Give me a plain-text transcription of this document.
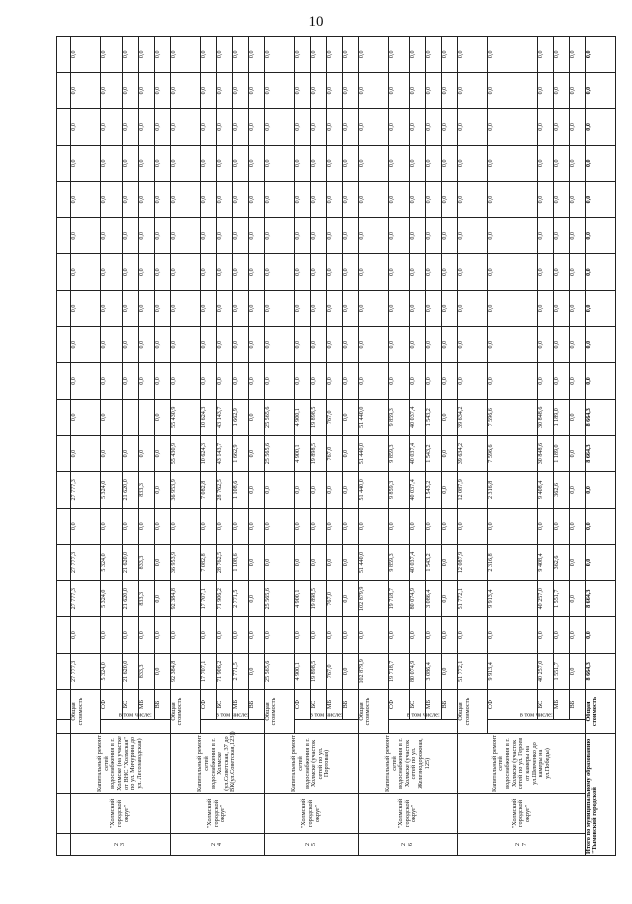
10

2
3	"Холмский городской округ"	Капитальный ремонт сетей водоснабжения в г. Холмске (на участке от ВНС "Холмская" по ул. Мичурина до ул. Лесозаводская)	Общая стоимость		27 777,3	0,0	27 777,3	27 777,3	0,0	27 777,3	0,0	0,0	0,0	0,0	0,0	0,0	0,0	0,0	0,0	0,0	0,0	0,0
			в том числе:	СФ	5 324,0	0,0	5 324,0	5 324,0	0,0	5 324,0	0,0	0,0	0,0	0,0	0,0	0,0	0,0	0,0	0,0	0,0	0,0	0,0
				БС	21 620,0	0,0	21 620,0	21 620,0	0,0	21 620,0	0,0		0,0	0,0	0,0	0,0	0,0	0,0	0,0	0,0	0,0	0,0
				МБ	833,3	0,0	833,3	833,3	0,0	833,3	0,0		0,0	0,0	0,0	0,0	0,0	0,0	0,0	0,0	0,0	0,0
				ВБ	0,0	0,0	0,0	0,0	0,0	0,0	0,0	0,0	0,0	0,0	0,0	0,0	0,0	0,0	0,0	0,0	0,0	0,0
2
4	"Холмский городской округ"	Капитальный ремонт сетей водоснабжения в г. Холмске (ул.Советская, 37 до ВК(ул.Советская,123))	Общая стоимость		92 384,8	0,0	92 384,8	36 953,9	0,0	36 953,9	55 430,9	55 430,9	0,0	0,0	0,0	0,0	0,0	0,0	0,0	0,0	0,0	0,0
			в том числе:	СФ	17 707,1	0,0	17 707,1	7 082,8	0,0	7 082,8	10 624,3	10 624,3	0,0	0,0	0,0	0,0	0,0	0,0	0,0	0,0	0,0	0,0
				БС	71 906,2	0,0	71 906,2	28 762,5	0,0	28 762,5	43 143,7	43 143,7	0,0	0,0	0,0	0,0	0,0	0,0	0,0	0,0	0,0	0,0
				МБ	2 771,5	0,0	2 771,5	1 108,6	0,0	1 108,6	1 662,9	1 662,9	0,0	0,0	0,0	0,0	0,0	0,0	0,0	0,0	0,0	0,0
				ВБ	0,0	0,0	0,0	0,0	0,0	0,0	0,0	0,0	0,0	0,0	0,0	0,0	0,0	0,0	0,0	0,0	0,0	0,0
2
5	"Холмский городской округ"	Капитальный ремонт сетей водоснабжения в г. Холмске (участок сетей по ул. Портовая)	Общая стоимость		25 565,6	0,0	25 565,6	0,0	0,0	0,0	25 565,6	25 565,6	0,0	0,0	0,0	0,0	0,0	0,0	0,0	0,0	0,0	0,0
			в том числе:	СФ	4 900,1	0,0	4 900,1	0,0	0,0	0,0	4 900,1	4 900,1	0,0	0,0	0,0	0,0	0,0	0,0	0,0	0,0	0,0	0,0
				БС	19 898,5	0,0	19 898,5	0,0	0,0	0,0	19 898,5	19 898,5	0,0	0,0	0,0	0,0	0,0	0,0	0,0	0,0	0,0	0,0
				МБ	767,0	0,0	767,0	0,0	0,0	0,0	767,0	767,0	0,0	0,0	0,0	0,0	0,0	0,0	0,0	0,0	0,0	0,0
				ВБ	0,0	0,0	0,0	0,0	0,0	0,0	0,0	0,0	0,0	0,0	0,0	0,0	0,0	0,0	0,0	0,0	0,0	0,0
2
6	"Холмский городской округ"	Капитальный ремонт сетей водоснабжения в г. Холмске (участок сетей по ул. Железнодорожная, 125)	Общая стоимость		102 879,9	0,0	102 879,9	51 440,0	0,0	51 440,0	51 440,0	51 440,0	0,0	0,0	0,0	0,0	0,0	0,0	0,0	0,0	0,0	0,0
			в том числе:	СФ	19 718,7	0,0	19 718,7	9 859,3	0,0	9 859,3	9 859,3	9 859,3	0,0	0,0	0,0	0,0	0,0	0,0	0,0	0,0	0,0	0,0
				БС	80 074,9	0,0	80 074,9	40 037,4	0,0	40 037,4	40 037,4	40 037,4	0,0	0,0	0,0	0,0	0,0	0,0	0,0	0,0	0,0	0,0
				МБ	3 086,4	0,0	3 086,4	1 543,2	0,0	1 543,2	1 543,2	1 543,2	0,0	0,0	0,0	0,0	0,0	0,0	0,0	0,0	0,0	0,0
				ВБ	0,0	0,0	0,0	0,0	0,0	0,0	0,0	0,0	0,0	0,0	0,0	0,0	0,0	0,0	0,0	0,0	0,0	0,0
2
7	"Холмский городской округ"	Капитальный ремонт сетей водоснабжения в г. Холмске (участок сетей по ул. Героев от камеры на ул.Шевченко до камеры на ул.Победы)	Общая стоимость		51 772,1	0,0	51 772,1	12 087,9	0,0	12 087,9	39 634,2	39 634,2	0,0	0,0	0,0	0,0	0,0	0,0	0,0	0,0	0,0	0,0
			в том числе:	СФ	9 913,4	0,0	9 913,4	2 316,8	0,0	2 316,8	7 596,6	7 596,6	0,0	0,0	0,0	0,0	0,0	0,0	0,0	0,0	0,0	0,0
				БС	40 257,0	0,0	40 257,0	9 408,4	0,0	9 408,4	30 848,6	30 848,6	0,0	0,0	0,0	0,0	0,0	0,0	0,0	0,0	0,0	0,0
				МБ	1 551,7	0,0	1 551,7	362,6	0,0	362,6	1 189,0	1 189,0	0,0	0,0	0,0	0,0	0,0	0,0	0,0	0,0	0,0	0,0
				ВБ	0,0	0,0	0,0	0,0	0,0	0,0	0,0	0,0	0,0	0,0	0,0	0,0	0,0	0,0	0,0	0,0	0,0	0,0
Итого по муниципальному образованию "Тымовский городской			Общая стоимость		8 664,3	0,0	8 664,3	0,0	0,0	0,0	8 664,3	8 664,3	0,0	0,0	0,0	0,0	0,0	0,0	0,0	0,0	0,0	0,0
